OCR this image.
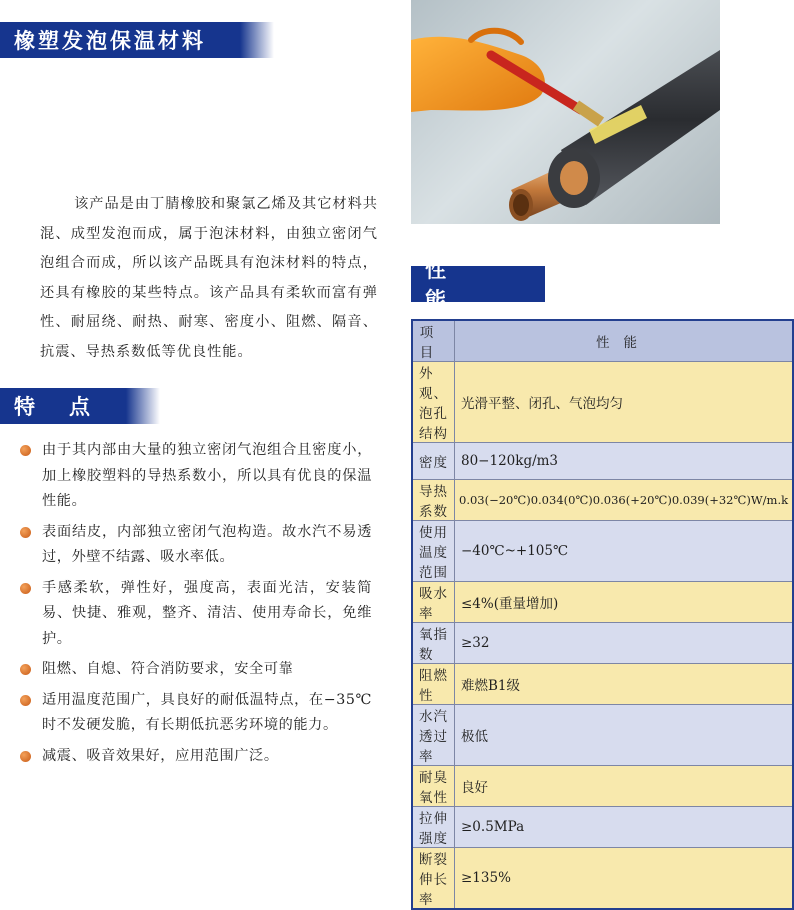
橡塑发泡保温材料

该产品是由丁腈橡胶和聚氯乙烯及其它材料共混、成型发泡而成，属于泡沫材料，由独立密闭气泡组合而成，所以该产品既具有泡沫材料的特点，还具有橡胶的某些特点。该产品具有柔软而富有弹性、耐屈绕、耐热、耐寒、密度小、阻燃、隔音、抗震、导热系数低等优良性能。

特点
由于其内部由大量的独立密闭气泡组合且密度小，加上橡胶塑料的导热系数小，所以具有优良的保温性能。
表面结皮，内部独立密闭气泡构造。故水汽不易透过，外壁不结露、吸水率低。
手感柔软，弹性好，强度高，表面光洁，安装简易、快捷、雅观，整齐、清洁、使用寿命长，免维护。
阻燃、自熄、符合消防要求，安全可靠
适用温度范围广，具良好的耐低温特点，在−35℃时不发硬发脆，有长期低抗恶劣环境的能力。
减震、吸音效果好，应用范围广泛。
性能
项目	性能
外观、泡孔结构	光滑平整、闭孔、气泡均匀
密度	80−120kg/m3
导热系数	0.03(−20℃)0.034(0℃)0.036(+20℃)0.039(+32℃)W/m.k
使用温度范围	−40℃~+105℃
吸水率	≤4%(重量增加)
氧指数	≥32
阻燃性	难燃B1级
水汽透过率	极低
耐臭氧性	良好
拉伸强度	≥0.5MPa
断裂伸长率	≥135%
